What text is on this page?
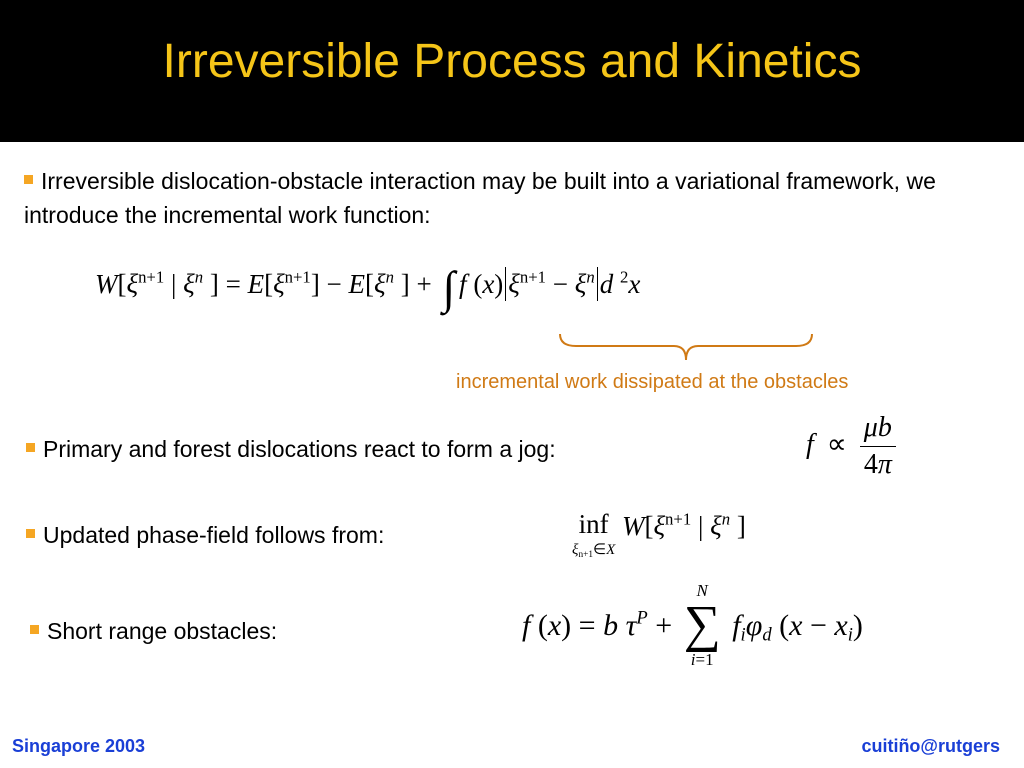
Irreversible Process and Kinetics
Irreversible dislocation-obstacle interaction may be built into a variational framework, we introduce the incremental work function:
$W[\xi^{n+1}$ | $\xi^n$ ] = $E[\xi^{n+1}] - E[\xi^n$ ] + ∫ f (x) $\xi^{n+1} - \xi^n$ d $^2$x
incremental work dissipated at the obstacles
Primary and forest dislocations react to form a jog:	$f \propto \frac{\mu b}{4\pi}$
Updated phase-field follows from:	inf
$\xi_{n+1}\in X$
$W[\xi^{n+1}$ | $\xi^n$ ]
Short range obstacles:	f (x) = b $\tau^P$ +
N
∑
i=1
$f_i\varphi_d$ $(x - x_i)$
Singapore 2003	cuitiño@rutgers
